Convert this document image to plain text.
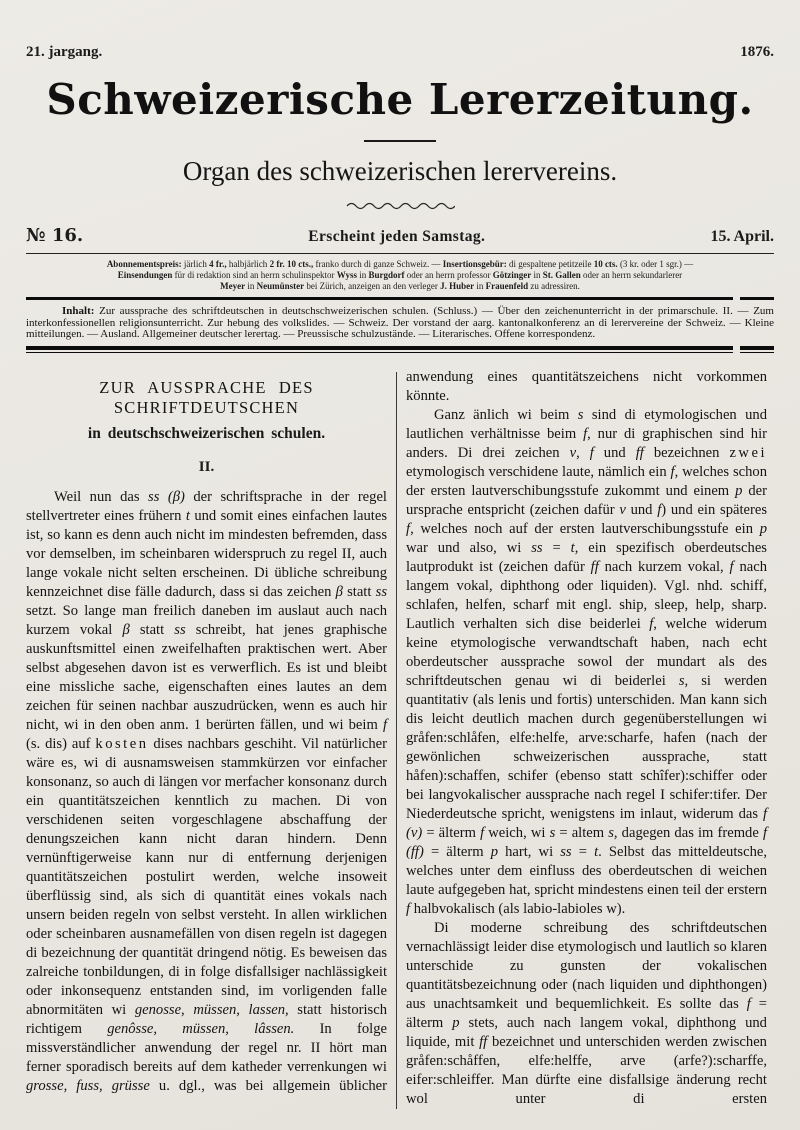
21. jargang.	1876.
Schweizerische Lererzeitung.
Organ des schweizerischen lerervereins.
№ 16.	Erscheint jeden Samstag.	15. April.
Abonnementspreis: järlich 4 fr., halbjärlich 2 fr. 10 cts., franko durch di ganze Schweiz. — Insertionsgebür: di gespaltene petitzeile 10 cts. (3 kr. oder 1 sgr.) —
Einsendungen für di redaktion sind an herrn schulinspektor Wyss in Burgdorf oder an herrn professor Götzinger in St. Gallen oder an herrn sekundarlerer
Meyer in Neumünster bei Zürich, anzeigen an den verleger J. Huber in Frauenfeld zu adressiren.

Inhalt: Zur aussprache des schriftdeutschen in deutschschweizerischen schulen. (Schluss.) — Über den zeichenunterricht in der primarschule. II. — Zum interkonfessionellen religionsunterricht. Zur hebung des volkslides. — Schweiz. Der vorstand der aarg. kantonalkonferenz an di lerervereine der Schweiz. — Kleine mitteilungen. — Ausland. Allgemeiner deutscher lerertag. — Preussische schulzustände. — Literarisches. Offene korrespondenz.

ZUR AUSSPRACHE DES SCHRIFTDEUTSCHEN
in deutschschweizerischen schulen.
II.

Weil nun das ss (β) der schriftsprache in der regel stellvertreter eines frühern t und somit eines einfachen lautes ist, so kann es denn auch nicht im mindesten befremden, dass vor demselben, im scheinbaren widerspruch zu regel II, auch lange vokale nicht selten erscheinen. Di übliche schreibung kennzeichnet dise fälle dadurch, dass si das zeichen β statt ss setzt. So lange man freilich daneben im auslaut auch nach kurzem vokal β statt ss schreibt, hat jenes graphische auskunftsmittel einen zweifelhaften praktischen wert. Aber selbst abgesehen davon ist es verwerflich. Es ist und bleibt eine missliche sache, eigenschaften eines lautes an dem zeichen für seinen nachbar auszudrücken, wenn es auch hir nicht, wi in den oben anm. 1 berürten fällen, und wi beim f (s. dis) auf kosten dises nachbars geschiht. Vil natürlicher wäre es, wi di ausnamsweisen stammkürzen vor einfacher konsonanz, so auch di längen vor merfacher konsonanz durch ein quantitätszeichen kenntlich zu machen. Di von verschidenen seiten vorgeschlagene abschaffung der denungszeichen kann nicht daran hindern. Denn vernünftigerweise kann nur di entfernung derjenigen quantitätszeichen postulirt werden, welche insoweit überflüssig sind, als sich di quantität eines vokals nach unsern beiden regeln von selbst versteht. In allen wirklichen oder scheinbaren ausnamefällen von disen regeln ist dagegen di bezeichnung der quantität dringend nötig. Es beweisen das zalreiche tonbildungen, di in folge disfallsiger nachlässigkeit oder inkonsequenz entstanden sind, im vorligenden falle abnormitäten wi genosse, müssen, lassen, statt historisch richtigem genôsse, müssen, lâssen. In folge missverständlicher anwendung der regel nr. II hört man ferner sporadisch bereits auf dem katheder verrenkungen wi grosse, fuss, grüsse u. dgl., was bei allgemein üblicher

anwendung eines quantitätszeichens nicht vorkommen könnte.

Ganz änlich wi beim s sind di etymologischen und lautlichen verhältnisse beim f, nur di graphischen sind hir anders. Di drei zeichen v, f und ff bezeichnen zwei etymologisch verschidene laute, nämlich ein f, welches schon der ersten lautverschibungsstufe zukommt und einem p der ursprache entspricht (zeichen dafür v und f) und ein späteres f, welches noch auf der ersten lautverschibungsstufe ein p war und also, wi ss = t, ein spezifisch oberdeutsches lautprodukt ist (zeichen dafür ff nach kurzem vokal, f nach langem vokal, diphthong oder liquiden). Vgl. nhd. schiff, schlafen, helfen, scharf mit engl. ship, sleep, help, sharp. Lautlich verhalten sich dise beiderlei f, welche widerum keine etymologische verwandtschaft haben, nach echt oberdeutscher aussprache sowol der mundart als des schriftdeutschen genau wi di beiderlei s, si werden quantitativ (als lenis und fortis) unterschiden. Man kann sich dis leicht deutlich machen durch gegenüberstellungen wi gråfen:schlåfen, elfe:helfe, arve:scharfe, hafen (nach der gewönlichen schweizerischen aussprache, statt håfen):schaffen, schifer (ebenso statt schîfer):schiffer oder bei langvokalischer aussprache nach regel I schifer:tifer. Der Niederdeutsche spricht, wenigstens im inlaut, widerum das f (v) = älterm f weich, wi s = altem s, dagegen das im fremde f (ff) = älterm p hart, wi ss = t. Selbst das mitteldeutsche, welches unter dem einfluss des oberdeutschen di weichen laute aufgegeben hat, spricht mindestens einen teil der erstern f halbvokalisch (als labio-labioles w).

Di moderne schreibung des schriftdeutschen vernachlässigt leider dise etymologisch und lautlich so klaren unterschide zu gunsten der vokalischen quantitätsbezeichnung oder (nach liquiden und diphthongen) aus unachtsamkeit und bequemlichkeit. Es sollte das f = älterm p stets, auch nach langem vokal, diphthong und liquide, mit ff bezeichnet und unterschiden werden zwischen gråfen:schåffen, elfe:helffe, arve (arfe?):scharffe, eifer:schleiffer. Man dürfte eine disfallsige änderung recht wol unter di ersten
